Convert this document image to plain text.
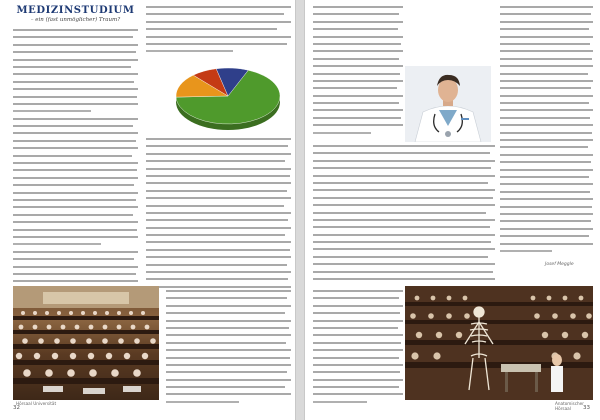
MEDIZINSTUDIUM
– ein (fast unmöglicher) Traum?
Hörsaal Universität
32
Josef Meggle
Anatomischer Hörsaal	33
